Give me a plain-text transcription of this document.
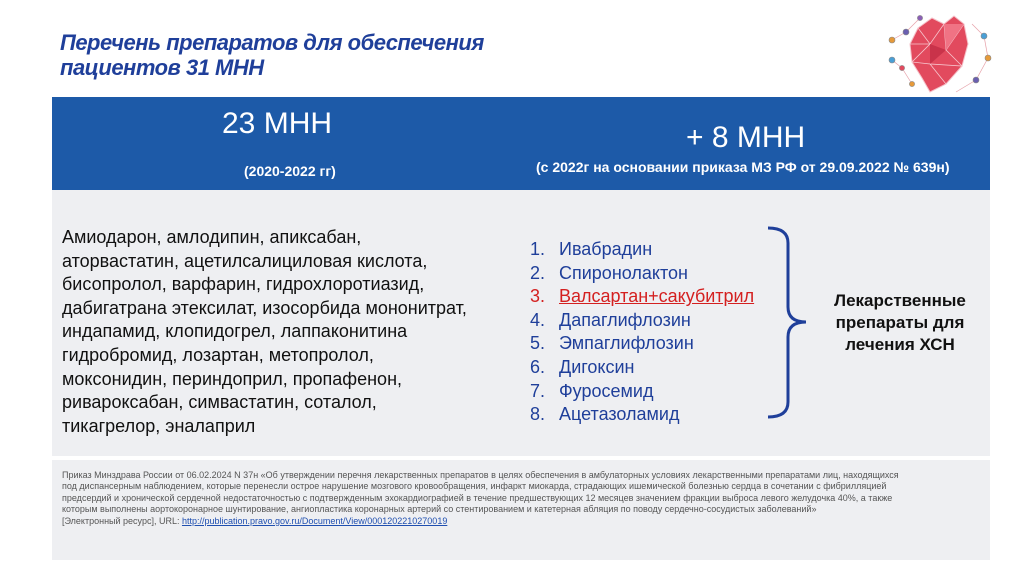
Перечень препаратов для обеспечения
пациентов 31 МНН
23 МНН
(2020-2022 гг)
+ 8 МНН
(с 2022г на основании приказа МЗ РФ от 29.09.2022 № 639н)
Амиодарон, амлодипин, апиксабан,
аторвастатин, ацетилсалициловая кислота,
бисопролол, варфарин, гидрохлоротиазид,
дабигатрана этексилат, изосорбида мононитрат,
индапамид, клопидогрел, лаппаконитина
гидробромид, лозартан, метопролол,
моксонидин, периндоприл, пропафенон,
ривароксабан, симвастатин, соталол,
тикагрелор, эналаприл
1. Ивабрадин
2. Спиронолактон
3. Валсартан+сакубитрил
4. Дапаглифлозин
5. Эмпаглифлозин
6. Дигоксин
7. Фуросемид
8. Ацетазоламид
Лекарственные
препараты для
лечения ХСН
Приказ Минздрава России от 06.02.2024 N 37н «Об утверждении перечня лекарственных препаратов в целях обеспечения в амбулаторных условиях лекарственными препаратами лиц, находящихся
под диспансерным наблюдением, которые перенесли острое нарушение мозгового кровообращения, инфаркт миокарда, страдающих ишемической болезнью сердца в сочетании с фибрилляцией
предсердий и хронической сердечной недостаточностью с подтвержденным эхокардиографией в течение предшествующих 12 месяцев значением фракции выброса левого желудочка 40%, а также
которым выполнены аортокоронарное шунтирование, ангиопластика коронарных артерий со стентированием и катетерная абляция по поводу сердечно-сосудистых заболеваний»
[Электронный ресурс], URL: http://publication.pravo.gov.ru/Document/View/0001202210270019
